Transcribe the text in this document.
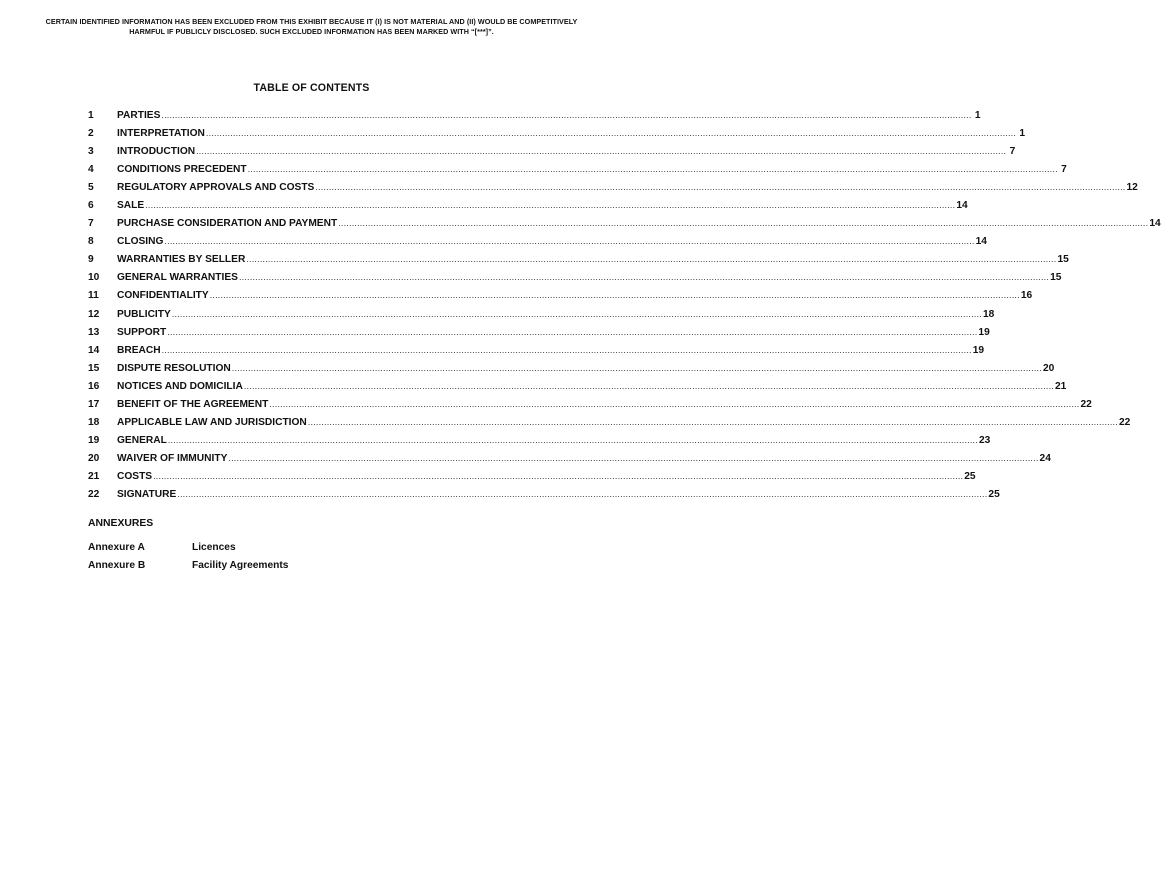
CERTAIN IDENTIFIED INFORMATION HAS BEEN EXCLUDED FROM THIS EXHIBIT BECAUSE IT (I) IS NOT MATERIAL AND (II) WOULD BE COMPETITIVELY HARMFUL IF PUBLICLY DISCLOSED. SUCH EXCLUDED INFORMATION HAS BEEN MARKED WITH “[***]”.
TABLE OF CONTENTS
1	PARTIES ............................................................................................................................................................................................................................................................................................................ 1
2	INTERPRETATION ............................................................................................................................................................................................................................................................................................................ 1
3	INTRODUCTION ............................................................................................................................................................................................................................................................................................................ 7
4	CONDITIONS PRECEDENT ............................................................................................................................................................................................................................................................................................................ 7
5	REGULATORY APPROVALS AND COSTS ............................................................................................................................................................................................................................................................................................................ 12
6	SALE ............................................................................................................................................................................................................................................................................................................ 14
7	PURCHASE CONSIDERATION AND PAYMENT ............................................................................................................................................................................................................................................................................................................ 14
8	CLOSING ............................................................................................................................................................................................................................................................................................................ 14
9	WARRANTIES BY SELLER ............................................................................................................................................................................................................................................................................................................ 15
10	GENERAL WARRANTIES ............................................................................................................................................................................................................................................................................................................ 15
11	CONFIDENTIALITY ............................................................................................................................................................................................................................................................................................................ 16
12	PUBLICITY ............................................................................................................................................................................................................................................................................................................ 18
13	SUPPORT ............................................................................................................................................................................................................................................................................................................ 19
14	BREACH ............................................................................................................................................................................................................................................................................................................ 19
15	DISPUTE RESOLUTION ............................................................................................................................................................................................................................................................................................................ 20
16	NOTICES AND DOMICILIA ............................................................................................................................................................................................................................................................................................................ 21
17	BENEFIT OF THE AGREEMENT ............................................................................................................................................................................................................................................................................................................ 22
18	APPLICABLE LAW AND JURISDICTION ............................................................................................................................................................................................................................................................................................................ 22
19	GENERAL ............................................................................................................................................................................................................................................................................................................ 23
20	WAIVER OF IMMUNITY ............................................................................................................................................................................................................................................................................................................ 24
21	COSTS ............................................................................................................................................................................................................................................................................................................ 25
22	SIGNATURE ............................................................................................................................................................................................................................................................................................................ 25
ANNEXURES
Annexure A	Licences
Annexure B	Facility Agreements
